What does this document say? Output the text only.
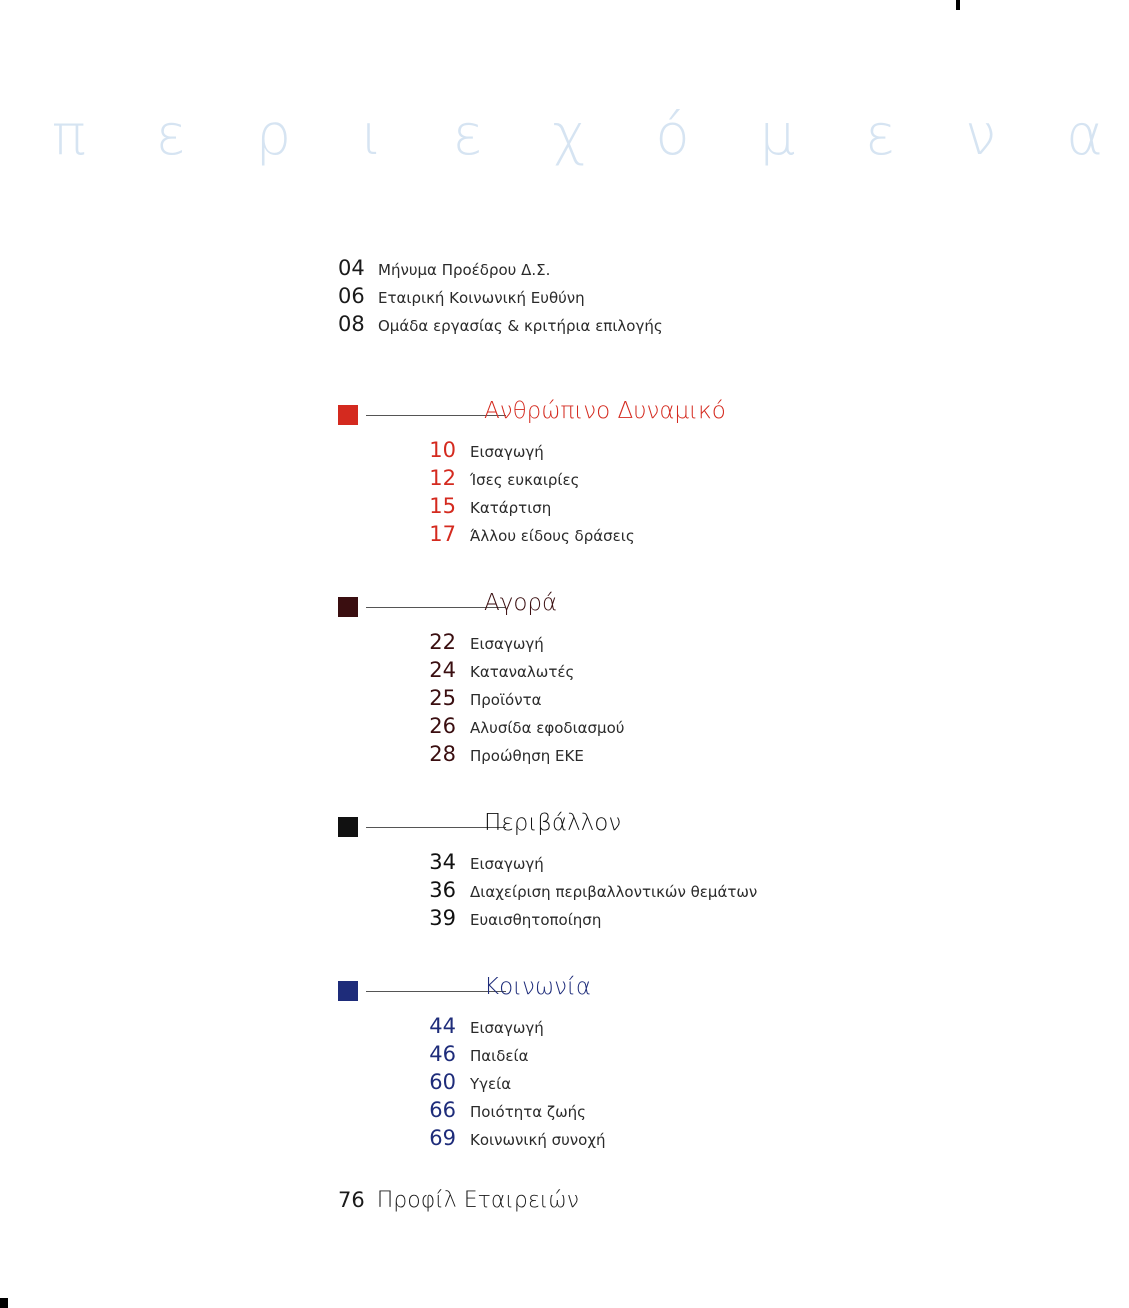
π ε ρ ι ε χ ό μ ε ν α
04 Μήνυμα Προέδρου Δ.Σ.
06 Εταιρική Κοινωνική Ευθύνη
08 Ομάδα εργασίας & κριτήρια επιλογής
Ανθρώπινο Δυναμικό
10 Εισαγωγή
12 Ίσες ευκαιρίες
15 Κατάρτιση
17 Άλλου είδους δράσεις
Αγορά
22 Εισαγωγή
24 Καταναλωτές
25 Προϊόντα
26 Αλυσίδα εφοδιασμού
28 Προώθηση ΕΚΕ
Περιβάλλον
34 Εισαγωγή
36 Διαχείριση περιβαλλοντικών θεμάτων
39 Ευαισθητοποίηση
Κοινωνία
44 Εισαγωγή
46 Παιδεία
60 Υγεία
66 Ποιότητα ζωής
69 Κοινωνική συνοχή
76 Προφίλ Εταιρειών
